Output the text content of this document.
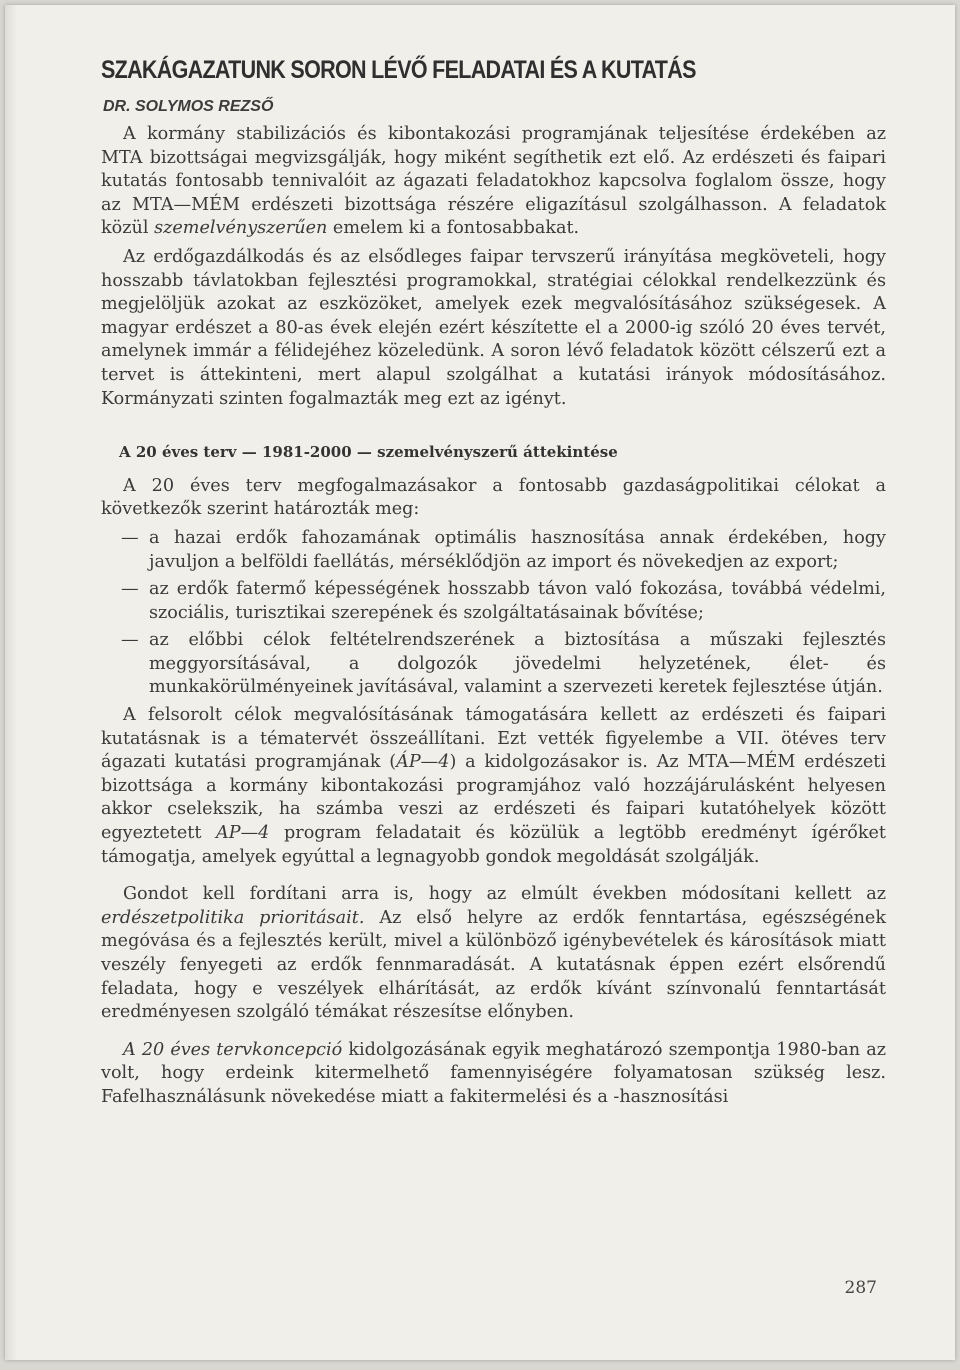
SZAKÁGAZATUNK SORON LÉVŐ FELADATAI ÉS A KUTATÁS
DR. SOLYMOS REZSŐ

A kormány stabilizációs és kibontakozási programjának teljesítése érdekében az MTA bizottságai megvizsgálják, hogy miként segíthetik ezt elő. Az erdészeti és faipari kutatás fontosabb tennivalóit az ágazati feladatokhoz kapcsolva foglalom össze, hogy az MTA—MÉM erdészeti bizottsága részére eligazításul szolgálhasson. A feladatok közül szemelvényszerűen emelem ki a fontosabbakat.

Az erdőgazdálkodás és az elsődleges faipar tervszerű irányítása megköveteli, hogy hosszabb távlatokban fejlesztési programokkal, stratégiai célokkal rendelkezzünk és megjelöljük azokat az eszközöket, amelyek ezek megvalósításához szükségesek. A magyar erdészet a 80-as évek elején ezért készítette el a 2000-ig szóló 20 éves tervét, amelynek immár a félidejéhez közeledünk. A soron lévő feladatok között célszerű ezt a tervet is áttekinteni, mert alapul szolgálhat a kutatási irányok módosításához. Kormányzati szinten fogalmazták meg ezt az igényt.

A 20 éves terv — 1981-2000 — szemelvényszerű áttekintése

A 20 éves terv megfogalmazásakor a fontosabb gazdaságpolitikai célokat a következők szerint határozták meg:

— a hazai erdők fahozamának optimális hasznosítása annak érdekében, hogy javuljon a belföldi faellátás, mérséklődjön az import és növekedjen az export;
— az erdők fatermő képességének hosszabb távon való fokozása, továbbá védelmi, szociális, turisztikai szerepének és szolgáltatásainak bővítése;
— az előbbi célok feltételrendszerének a biztosítása a műszaki fejlesztés meggyorsításával, a dolgozók jövedelmi helyzetének, élet- és munkakörülményeinek javításával, valamint a szervezeti keretek fejlesztése útján.

A felsorolt célok megvalósításának támogatására kellett az erdészeti és faipari kutatásnak is a tématervét összeállítani. Ezt vették figyelembe a VII. ötéves terv ágazati kutatási programjának (ÁP—4) a kidolgozásakor is. Az MTA—MÉM erdészeti bizottsága a kormány kibontakozási programjához való hozzájárulásként helyesen akkor cselekszik, ha számba veszi az erdészeti és faipari kutatóhelyek között egyeztetett AP—4 program feladatait és közülük a legtöbb eredményt ígérőket támogatja, amelyek egyúttal a legnagyobb gondok megoldását szolgálják.

Gondot kell fordítani arra is, hogy az elmúlt években módosítani kellett az erdészetpolitika prioritásait. Az első helyre az erdők fenntartása, egészségének megóvása és a fejlesztés került, mivel a különböző igénybevételek és károsítások miatt veszély fenyegeti az erdők fennmaradását. A kutatásnak éppen ezért elsőrendű feladata, hogy e veszélyek elhárítását, az erdők kívánt színvonalú fenntartását eredményesen szolgáló témákat részesítse előnyben.

A 20 éves tervkoncepció kidolgozásának egyik meghatározó szempontja 1980-ban az volt, hogy erdeink kitermelhető famennyiségére folyamatosan szükség lesz. Fafelhasználásunk növekedése miatt a fakitermelési és a -hasznosítási

287
